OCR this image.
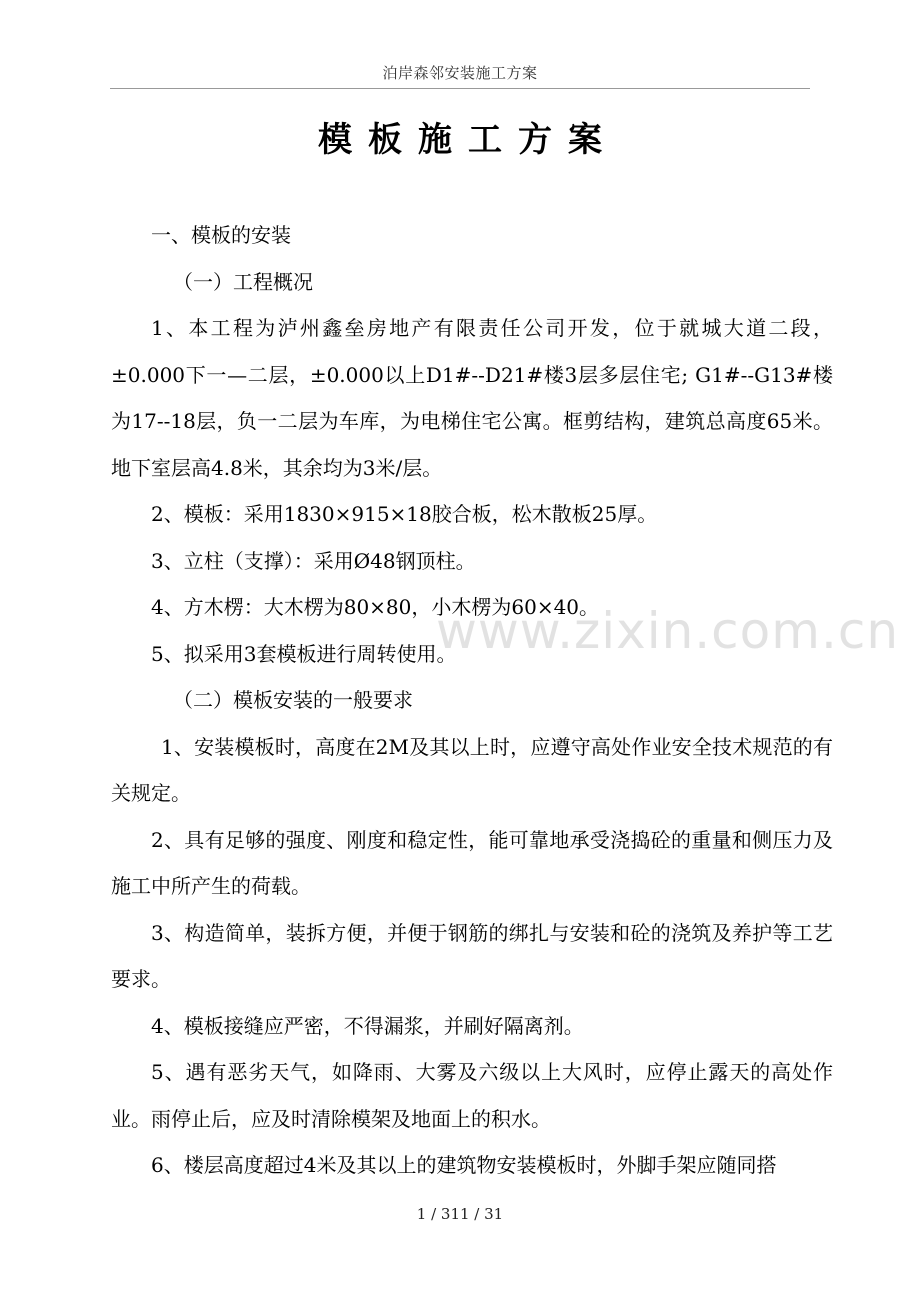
泊岸森邻安装施工方案
模板施工方案

一、模板的安装

（一）工程概况

1、本工程为泸州鑫垒房地产有限责任公司开发，位于就城大道二段，±0.000下一—二层，±0.000以上D1#--D21#楼3层多层住宅; G1#--G13#楼为17--18层，负一二层为车库，为电梯住宅公寓。框剪结构，建筑总高度65米。地下室层高4.8米，其余均为3米/层。

2、模板：采用1830×915×18胶合板，松木散板25厚。

3、立柱（支撑）：采用Ø48钢顶柱。

4、方木楞：大木楞为80×80，小木楞为60×40。

5、拟采用3套模板进行周转使用。

（二）模板安装的一般要求

1、安装模板时，高度在2M及其以上时，应遵守高处作业安全技术规范的有关规定。

2、具有足够的强度、刚度和稳定性，能可靠地承受浇捣砼的重量和侧压力及施工中所产生的荷载。

3、构造简单，装拆方便，并便于钢筋的绑扎与安装和砼的浇筑及养护等工艺要求。

4、模板接缝应严密，不得漏浆，并刷好隔离剂。

5、遇有恶劣天气，如降雨、大雾及六级以上大风时，应停止露天的高处作业。雨停止后，应及时清除模架及地面上的积水。

6、楼层高度超过4米及其以上的建筑物安装模板时，外脚手架应随同搭

www.zixin.com.cn
1 / 311 / 31
